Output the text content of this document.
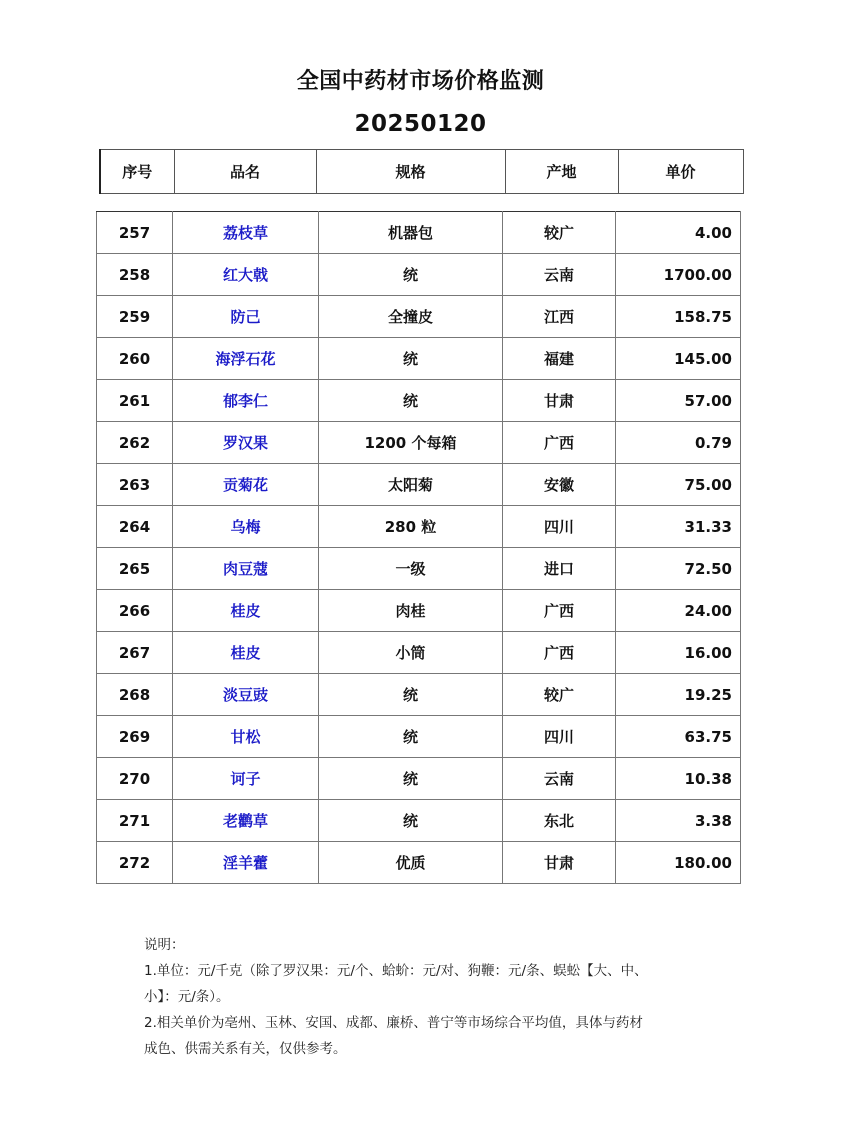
全国中药材市场价格监测
20250120
序号	品名	规格	产地	单价
257	荔枝草	机器包	较广	4.00
258	红大戟	统	云南	1700.00
259	防己	全撞皮	江西	158.75
260	海浮石花	统	福建	145.00
261	郁李仁	统	甘肃	57.00
262	罗汉果	1200 个每箱	广西	0.79
263	贡菊花	太阳菊	安徽	75.00
264	乌梅	280 粒	四川	31.33
265	肉豆蔻	一级	进口	72.50
266	桂皮	肉桂	广西	24.00
267	桂皮	小筒	广西	16.00
268	淡豆豉	统	较广	19.25
269	甘松	统	四川	63.75
270	诃子	统	云南	10.38
271	老鹳草	统	东北	3.38
272	淫羊藿	优质	甘肃	180.00
说明：
1.单位：元/千克（除了罗汉果：元/个、蛤蚧：元/对、狗鞭：元/条、蜈蚣【大、中、
小】：元/条）。
2.相关单价为亳州、玉林、安国、成都、廉桥、普宁等市场综合平均值，具体与药材
成色、供需关系有关，仅供参考。
